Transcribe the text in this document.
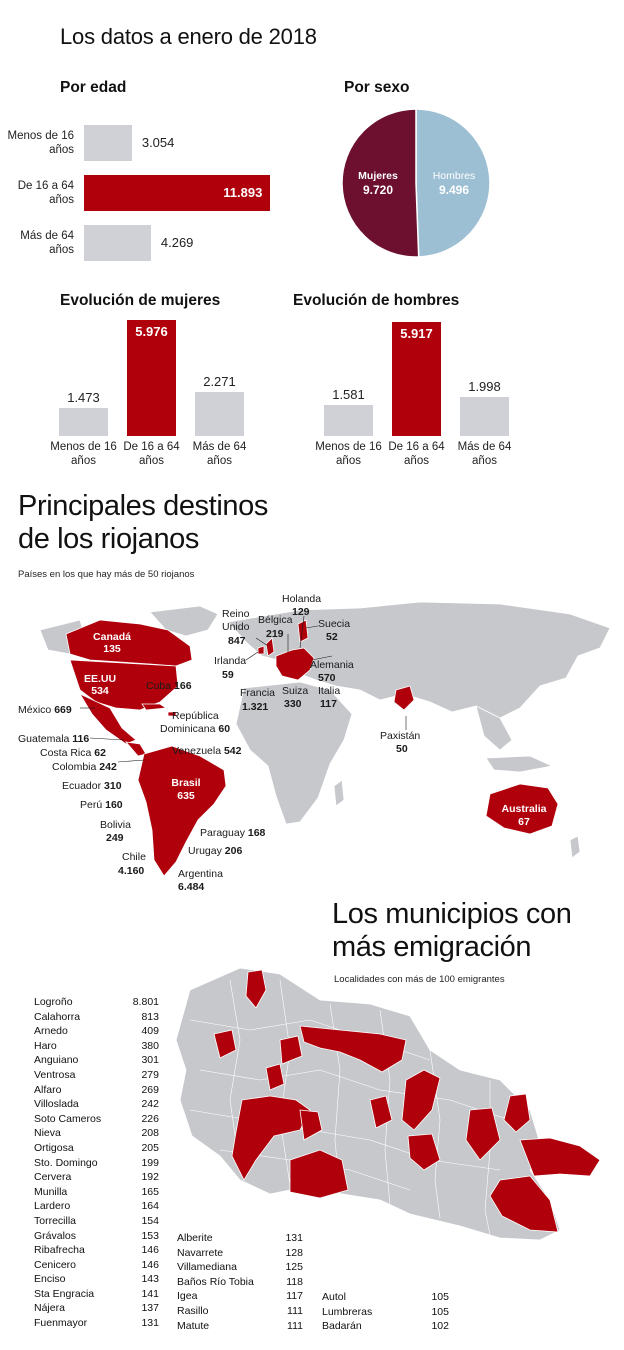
Los datos a enero de 2018
Por edad
Menos de 16 años	3.054
De 16 a 64 años	11.893
Más de 64 años	4.269
Por sexo
Mujeres
9.720
Hombres
9.496
Evolución de mujeres	Evolución de hombres
1.473
Menos de 16 años
5.976
De 16 a 64 años
2.271
Más de 64 años
1.581
Menos de 16 años
5.917
De 16 a 64 años
1.998
Más de 64 años
Principales destinos
de los riojanos
Países en los que hay más de 50 riojanos
Canadá
135
EE.UU
534
Brasil
635
Australia
67
México 669
Cuba 166
República
Dominicana 60
Guatemala 116
Costa Rica 62
Colombia 242
Venezuela 542
Ecuador 310
Perú 160
Bolivia
249	Paraguay 168
Urugay 206
Chile
4.160	Argentina
6.484
Reino
Unido
847
Irlanda
59
Bélgica
219
Holanda
129
Suecia
52
Alemania
570
Italia
117
Suiza
330
Francia
1.321
Paxistán
50
Los municipios con
más emigración
Localidades con más de 100 emigrantes
Logroño	8.801
Calahorra	813
Arnedo	409
Haro	380
Anguiano	301
Ventrosa	279
Alfaro	269
Villoslada	242
Soto Cameros	226
Nieva	208
Ortigosa	205
Sto. Domingo	199
Cervera	192
Munilla	165
Lardero	164
Torrecilla	154
Grávalos	153
Ribafrecha	146
Cenicero	146
Enciso	143
Sta Engracia	141
Nájera	137
Fuenmayor	131
Alberite	131
Navarrete	128
Villamediana	125
Baños Río Tobia	118
Igea	117
Rasillo	111
Matute	111
Autol	105
Lumbreras	105
Badarán	102
